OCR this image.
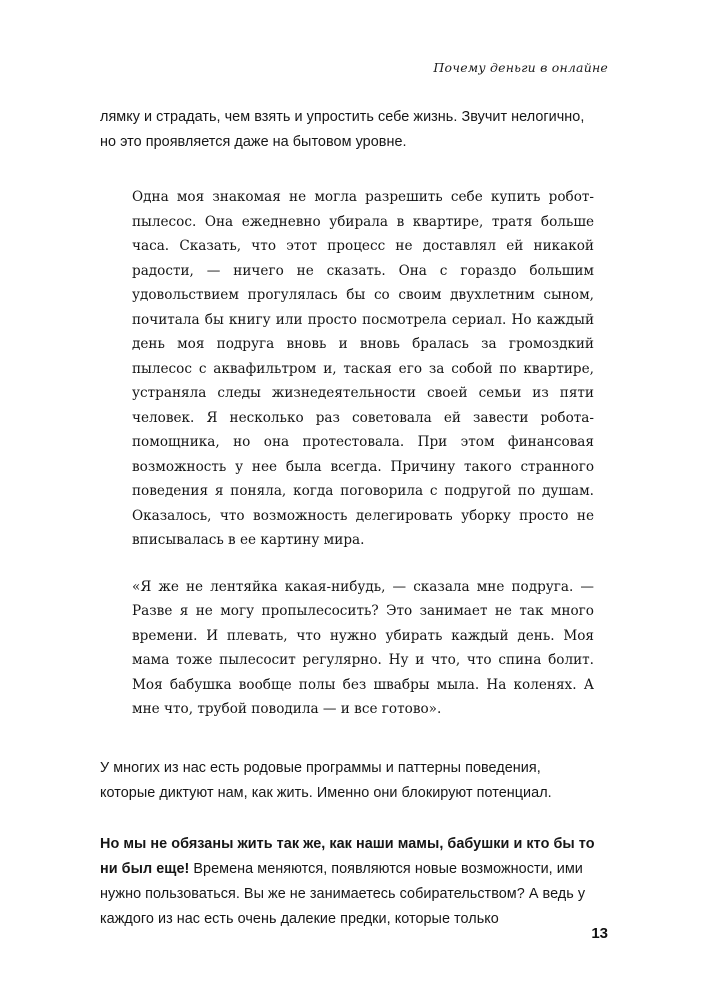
Почему деньги в онлайне

лямку и страдать, чем взять и упростить себе жизнь. Звучит нелогично, но это проявляется даже на бытовом уровне.

Одна моя знакомая не могла разрешить себе купить робот-пылесос. Она ежедневно убирала в квартире, тратя больше часа. Сказать, что этот процесс не доставлял ей никакой радости, — ничего не сказать. Она с гораздо большим удовольствием прогулялась бы со своим двухлетним сыном, почитала бы книгу или просто посмотрела сериал. Но каждый день моя подруга вновь и вновь бралась за громоздкий пылесос с аквафильтром и, таская его за собой по квартире, устраняла следы жизнедеятельности своей семьи из пяти человек. Я несколько раз советовала ей завести робота-помощника, но она протестовала. При этом финансовая возможность у нее была всегда. Причину такого странного поведения я поняла, когда поговорила с подругой по душам. Оказалось, что возможность делегировать уборку просто не вписывалась в ее картину мира.

«Я же не лентяйка какая-нибудь, — сказала мне подруга. — Разве я не могу пропылесосить? Это занимает не так много времени. И плевать, что нужно убирать каждый день. Моя мама тоже пылесосит регулярно. Ну и что, что спина болит. Моя бабушка вообще полы без швабры мыла. На коленях. А мне что, трубой поводила — и все готово».

У многих из нас есть родовые программы и паттерны поведения, которые диктуют нам, как жить. Именно они блокируют потенциал.

Но мы не обязаны жить так же, как наши мамы, бабушки и кто бы то ни был еще! Времена меняются, появляются новые возможности, ими нужно пользоваться. Вы же не занимаетесь собирательством? А ведь у каждого из нас есть очень далекие предки, которые только

13
